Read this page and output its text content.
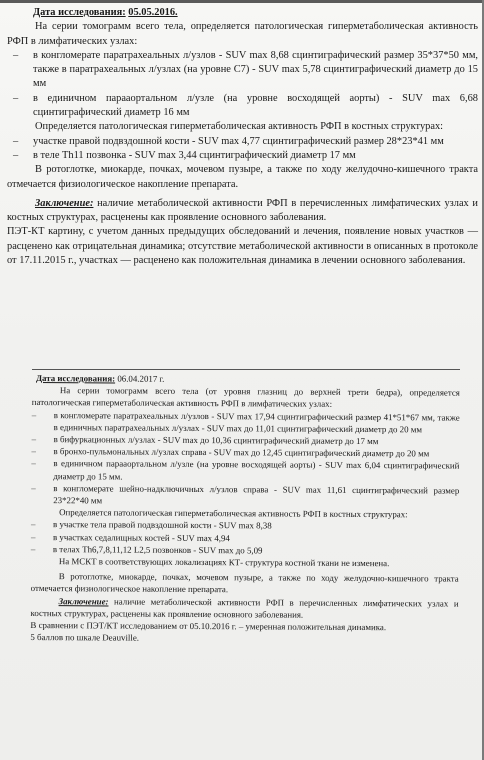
Дата исследования: 05.05.2016.

На серии томограмм всего тела, определяется патологическая гиперметаболическая активность РФП в лимфатических узлах:

–	в конгломерате паратрахеальных л/узлов - SUV max 8,68 сцинтиграфический размер 35*37*50 мм, также в паратрахеальных л/узлах (на уровне С7) - SUV max 5,78 сцинтиграфический диаметр до 15 мм
–	в единичном парааортальном л/узле (на уровне восходящей аорты) - SUV max 6,68 сцинтиграфический диаметр 16 мм

Определяется патологическая гиперметаболическая активность РФП в костных структурах:

–	участке правой подвздошной кости - SUV max 4,77 сцинтиграфический размер 28*23*41 мм
–	в теле Th11 позвонка - SUV max 3,44 сцинтиграфический диаметр 17 мм

В ротоглотке, миокарде, почках, мочевом пузыре, а также по ходу желудочно-кишечного тракта отмечается физиологическое накопление препарата.

Заключение: наличие метаболической активности РФП в перечисленных лимфатических узлах и костных структурах, расценены как проявление основного заболевания.

ПЭТ-КТ картину, с учетом данных предыдущих обследований и лечения, появление новых участков — расценено как отрицательная динамика; отсутствие метаболической активности в описанных в протоколе от 17.11.2015 г., участках — расценено как положительная динамика в лечении основного заболевания.

Дата исследования: 06.04.2017 г.

На серии томограмм всего тела (от уровня глазниц до верхней трети бедра), определяется патологическая гиперметаболическая активность РФП в лимфатических узлах:

–	в конгломерате паратрахеальных л/узлов - SUV max 17,94 сцинтиграфический размер 41*51*67 мм, также в единичных паратрахеальных л/узлах - SUV max до 11,01 сцинтиграфический диаметр до 20 мм
–	в бифуркационных л/узлах - SUV max до 10,36 сцинтиграфический диаметр до 17 мм
–	в бронхо-пульмональных л/узлах справа - SUV max до 12,45 сцинтиграфический диаметр до 20 мм
–	в единичном парааортальном л/узле (на уровне восходящей аорты) - SUV max 6,04 сцинтиграфический диаметр до 15 мм.
–	в конгломерате шейно-надключичных л/узлов справа - SUV max 11,61 сцинтиграфический размер 23*22*40 мм

Определяется патологическая гиперметаболическая активность РФП в костных структурах:

–	в участке тела правой подвздошной кости - SUV max 8,38
–	в участках седалищных костей - SUV max 4,94
–	в телах Th6,7,8,11,12 L2,5 позвонков - SUV max до 5,09

На МСКТ в соответствующих локализациях КТ- структура костной ткани не изменена.

В ротоглотке, миокарде, почках, мочевом пузыре, а также по ходу желудочно-кишечного тракта отмечается физиологическое накопление препарата.

Заключение: наличие метаболической активности РФП в перечисленных лимфатических узлах и костных структурах, расценены как проявление основного заболевания.

В сравнении с ПЭТ/КТ исследованием от 05.10.2016 г. – умеренная положительная динамика.

5 баллов по шкале Deauville.
